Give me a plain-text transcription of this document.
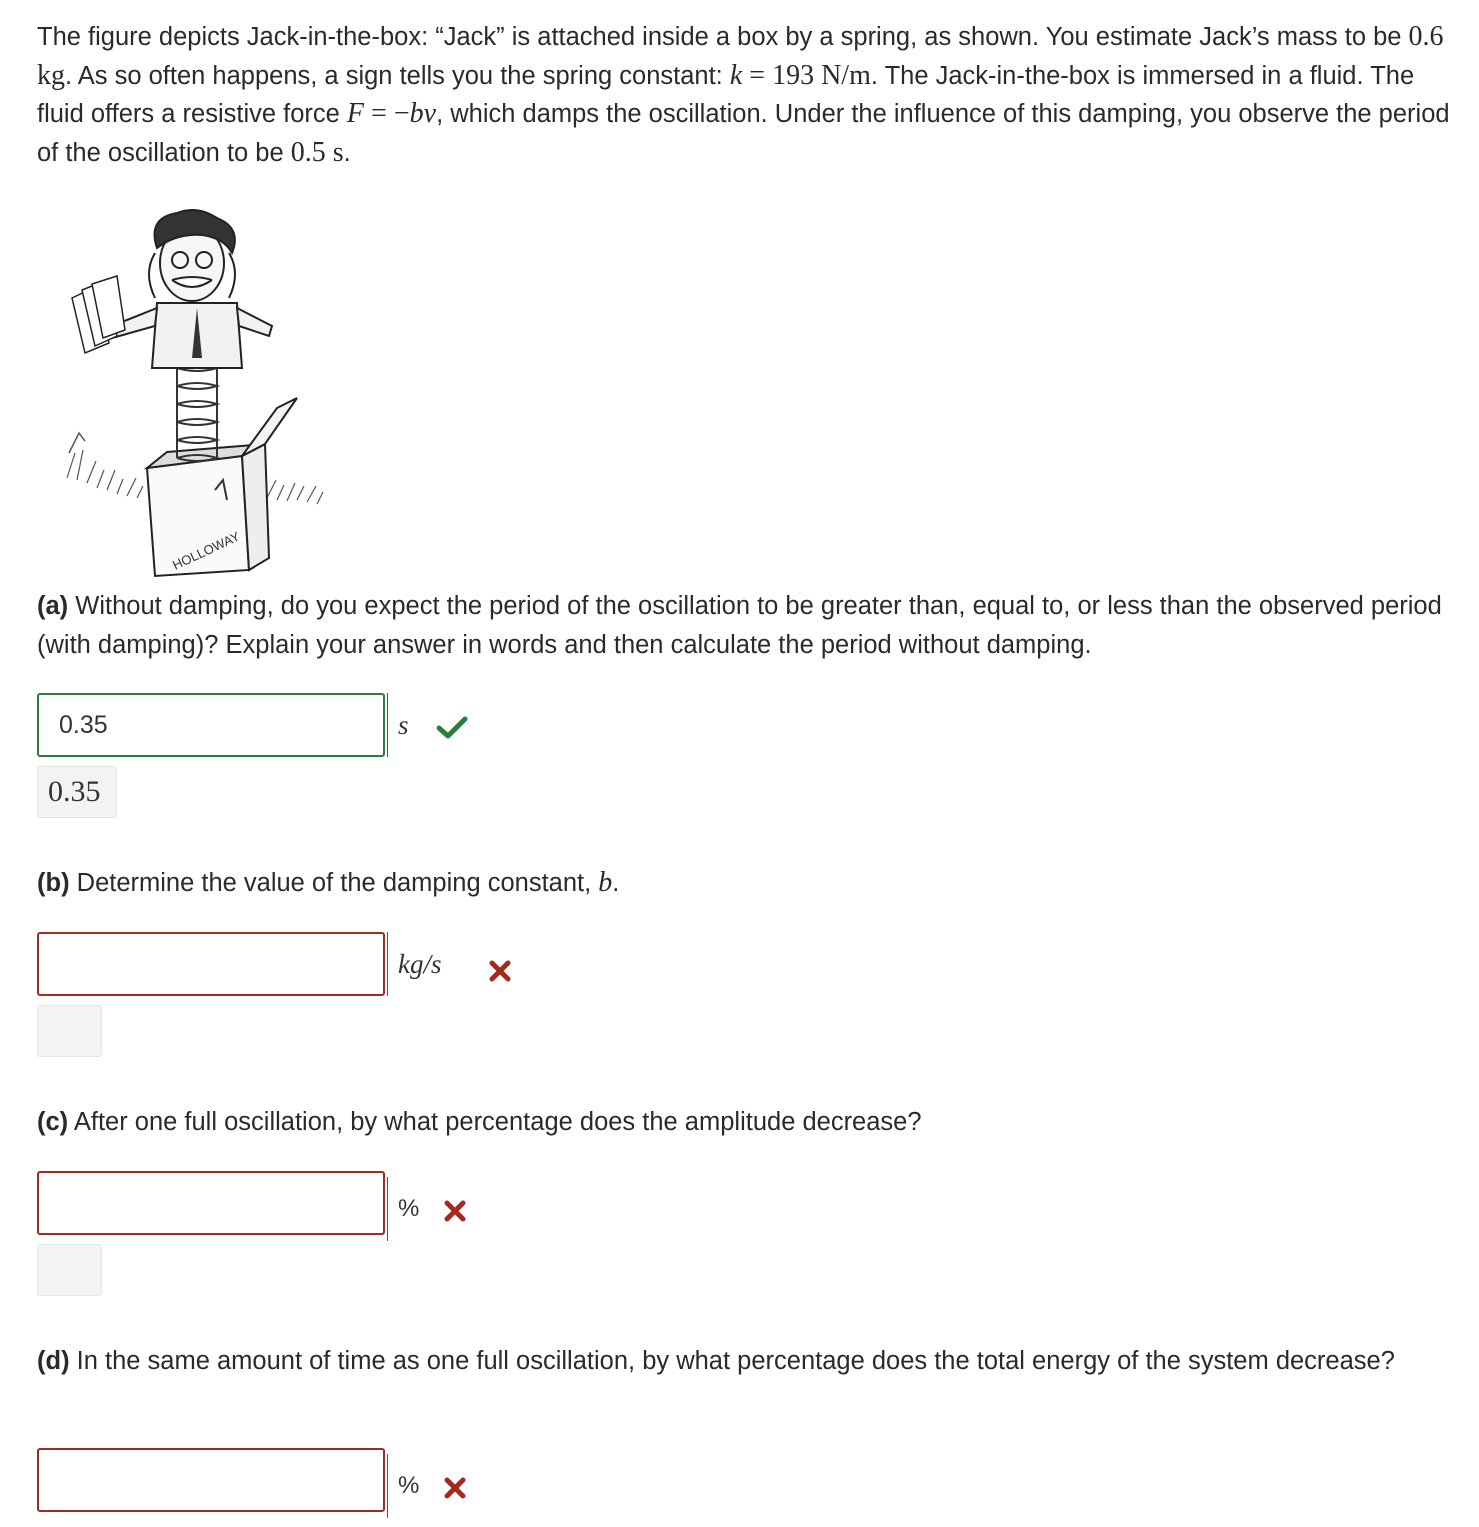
The figure depicts Jack-in-the-box: “Jack” is attached inside a box by a spring, as shown. You estimate Jack’s mass to be 0.6 kg. As so often happens, a sign tells you the spring constant: k = 193 N/m. The Jack-in-the-box is immersed in a fluid. The fluid offers a resistive force F = −bv, which damps the oscillation. Under the influence of this damping, you observe the period of the oscillation to be 0.5 s.
HOLLOWAY
(a) Without damping, do you expect the period of the oscillation to be greater than, equal to, or less than the observed period (with damping)? Explain your answer in words and then calculate the period without damping.
0.35	s
0.35
(b) Determine the value of the damping constant, b.
kg/s
(c) After one full oscillation, by what percentage does the amplitude decrease?
%
(d) In the same amount of time as one full oscillation, by what percentage does the total energy of the system decrease?
%
